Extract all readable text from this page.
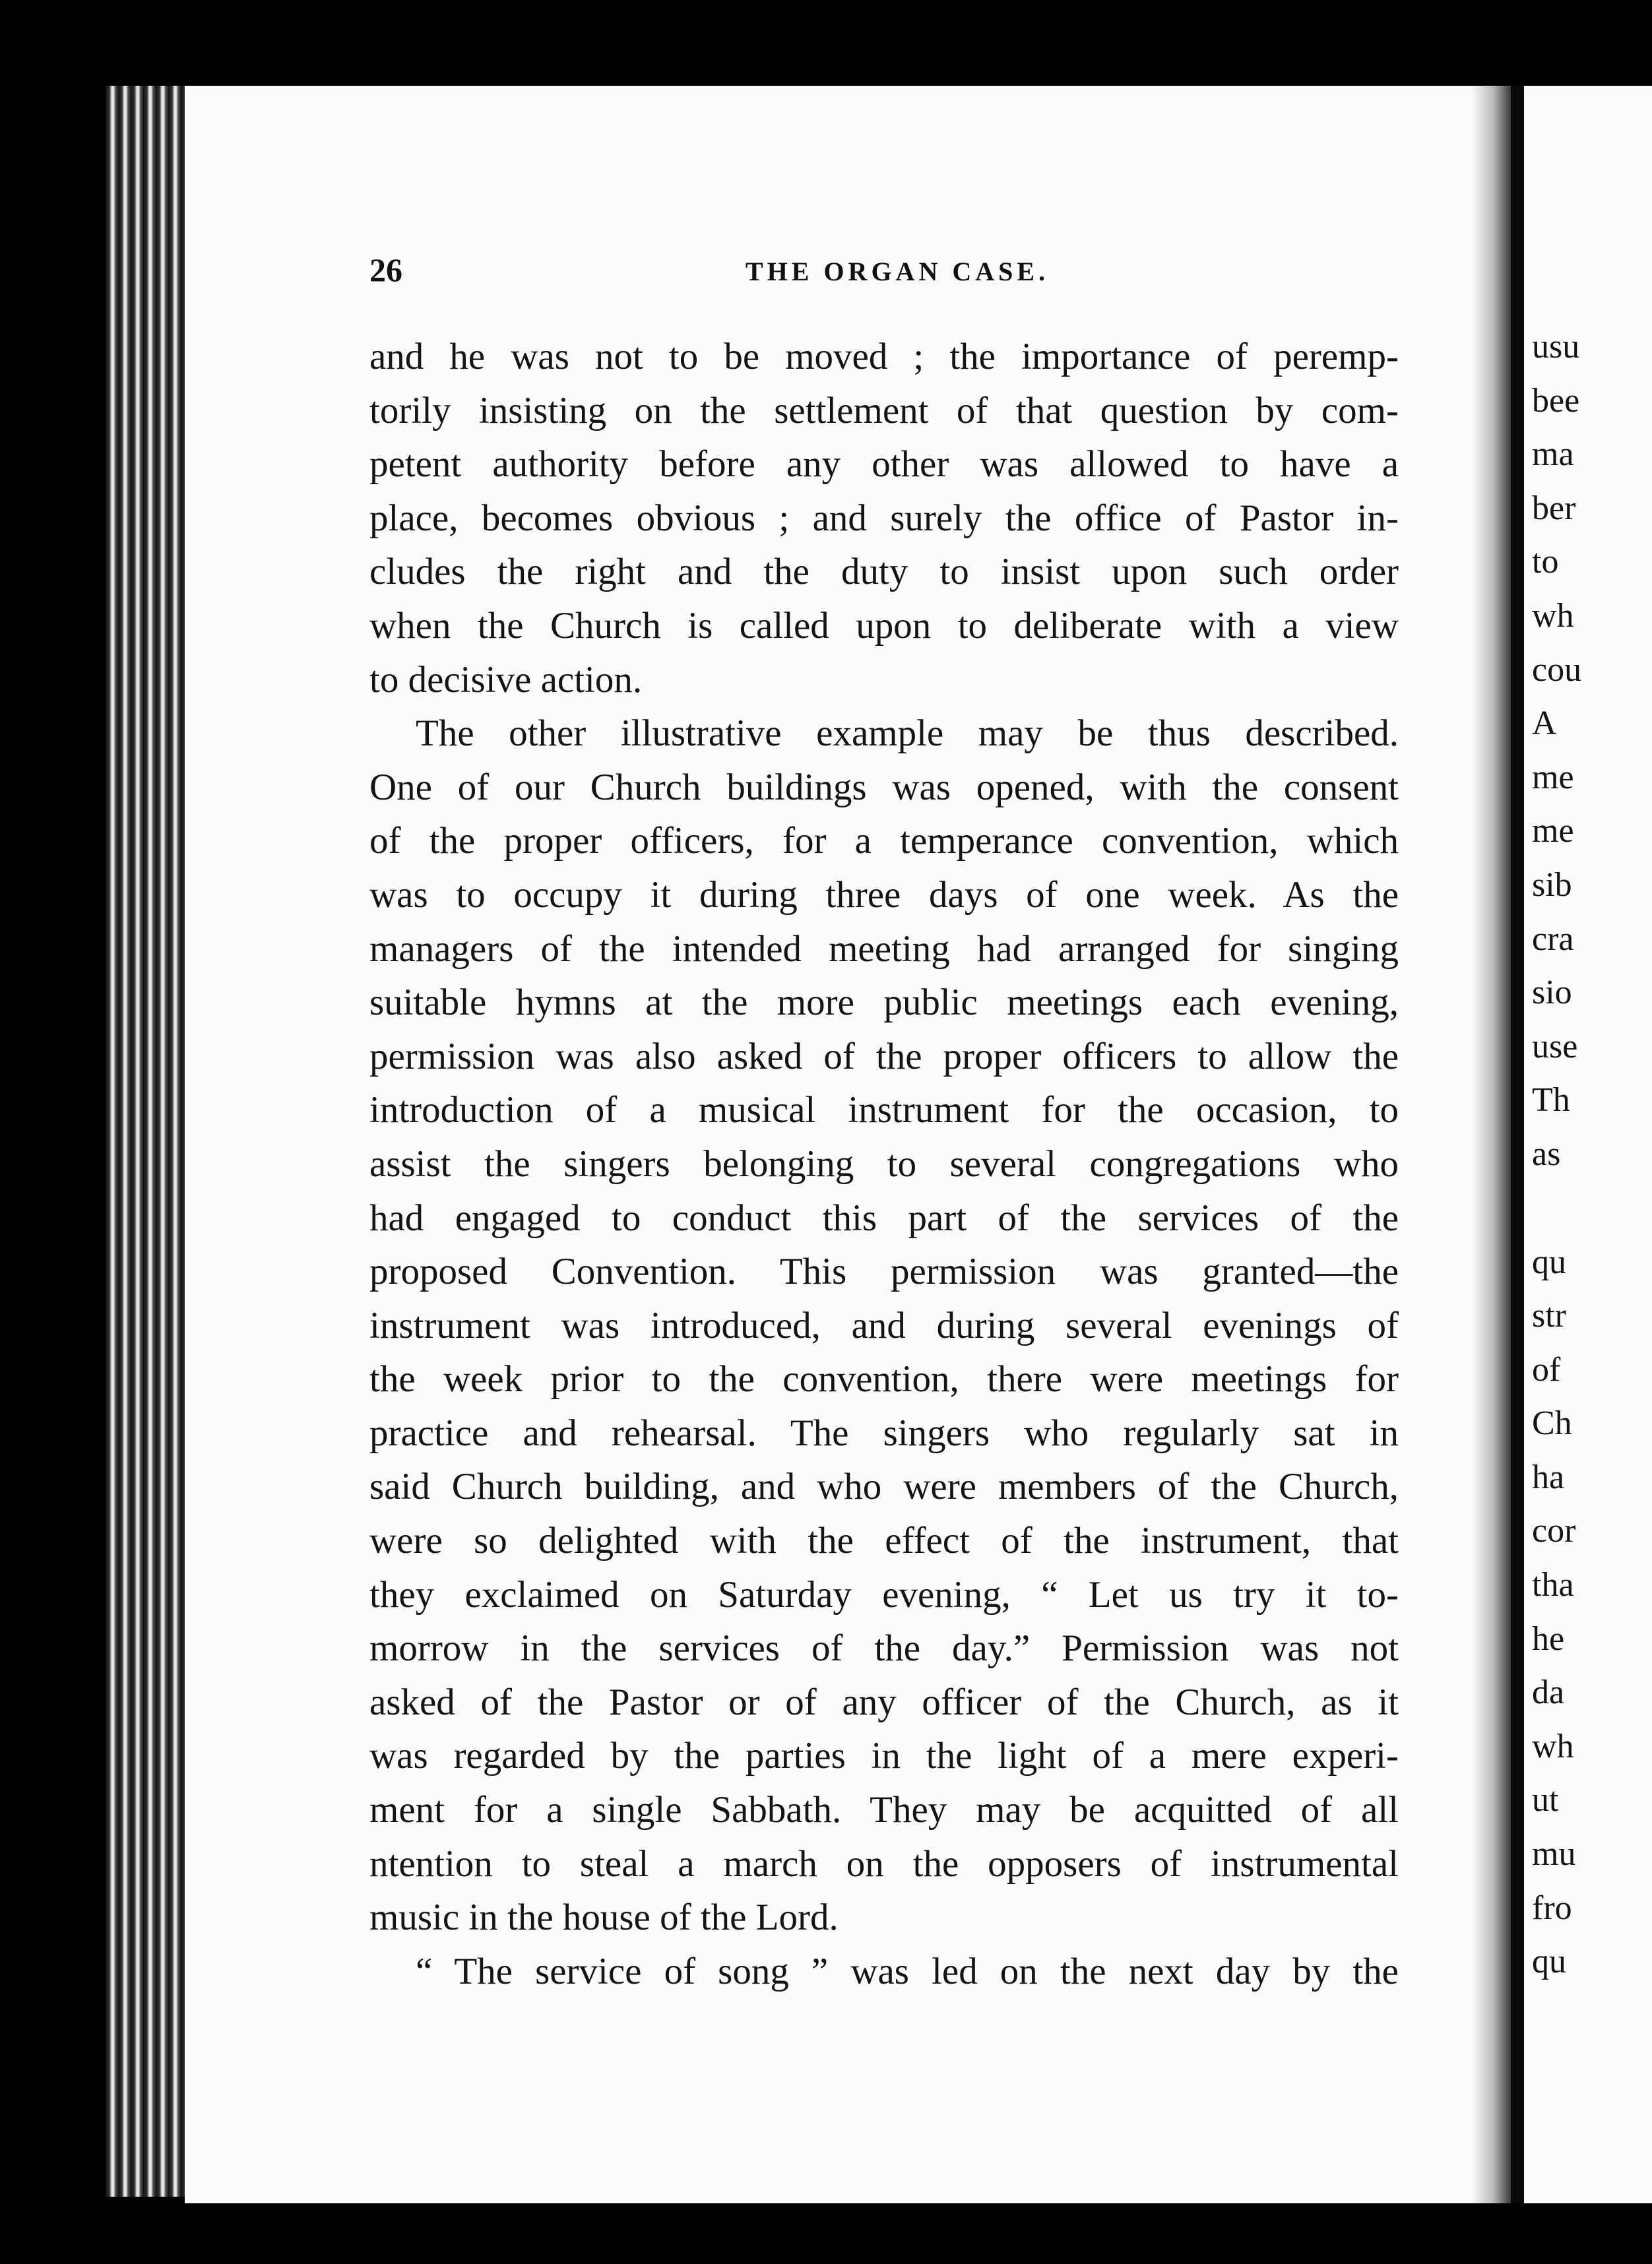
usu
bee
ma
ber
to
wh
cou
A
me
me
sib
cra
sio
use
Th
as
qu
str
of
Ch
ha
cor
tha
he
da
wh
ut
mu
fro
qu
26	THE ORGAN CASE.
and he was not to be moved ; the importance of peremp-
torily insisting on the settlement of that question by com-
petent authority before any other was allowed to have a
place, becomes obvious ; and surely the office of Pastor in-
cludes the right and the duty to insist upon such order
when the Church is called upon to deliberate with a view
to decisive action.
The other illustrative example may be thus described.
One of our Church buildings was opened, with the consent
of the proper officers, for a temperance convention, which
was to occupy it during three days of one week. As the
managers of the intended meeting had arranged for singing
suitable hymns at the more public meetings each evening,
permission was also asked of the proper officers to allow the
introduction of a musical instrument for the occasion, to
assist the singers belonging to several congregations who
had engaged to conduct this part of the services of the
proposed Convention. This permission was granted—the
instrument was introduced, and during several evenings of
the week prior to the convention, there were meetings for
practice and rehearsal. The singers who regularly sat in
said Church building, and who were members of the Church,
were so delighted with the effect of the instrument, that
they exclaimed on Saturday evening, “ Let us try it to-
morrow in the services of the day.” Permission was not
asked of the Pastor or of any officer of the Church, as it
was regarded by the parties in the light of a mere experi-
ment for a single Sabbath. They may be acquitted of all
ntention to steal a march on the opposers of instrumental
music in the house of the Lord.
“ The service of song ” was led on the next day by the
